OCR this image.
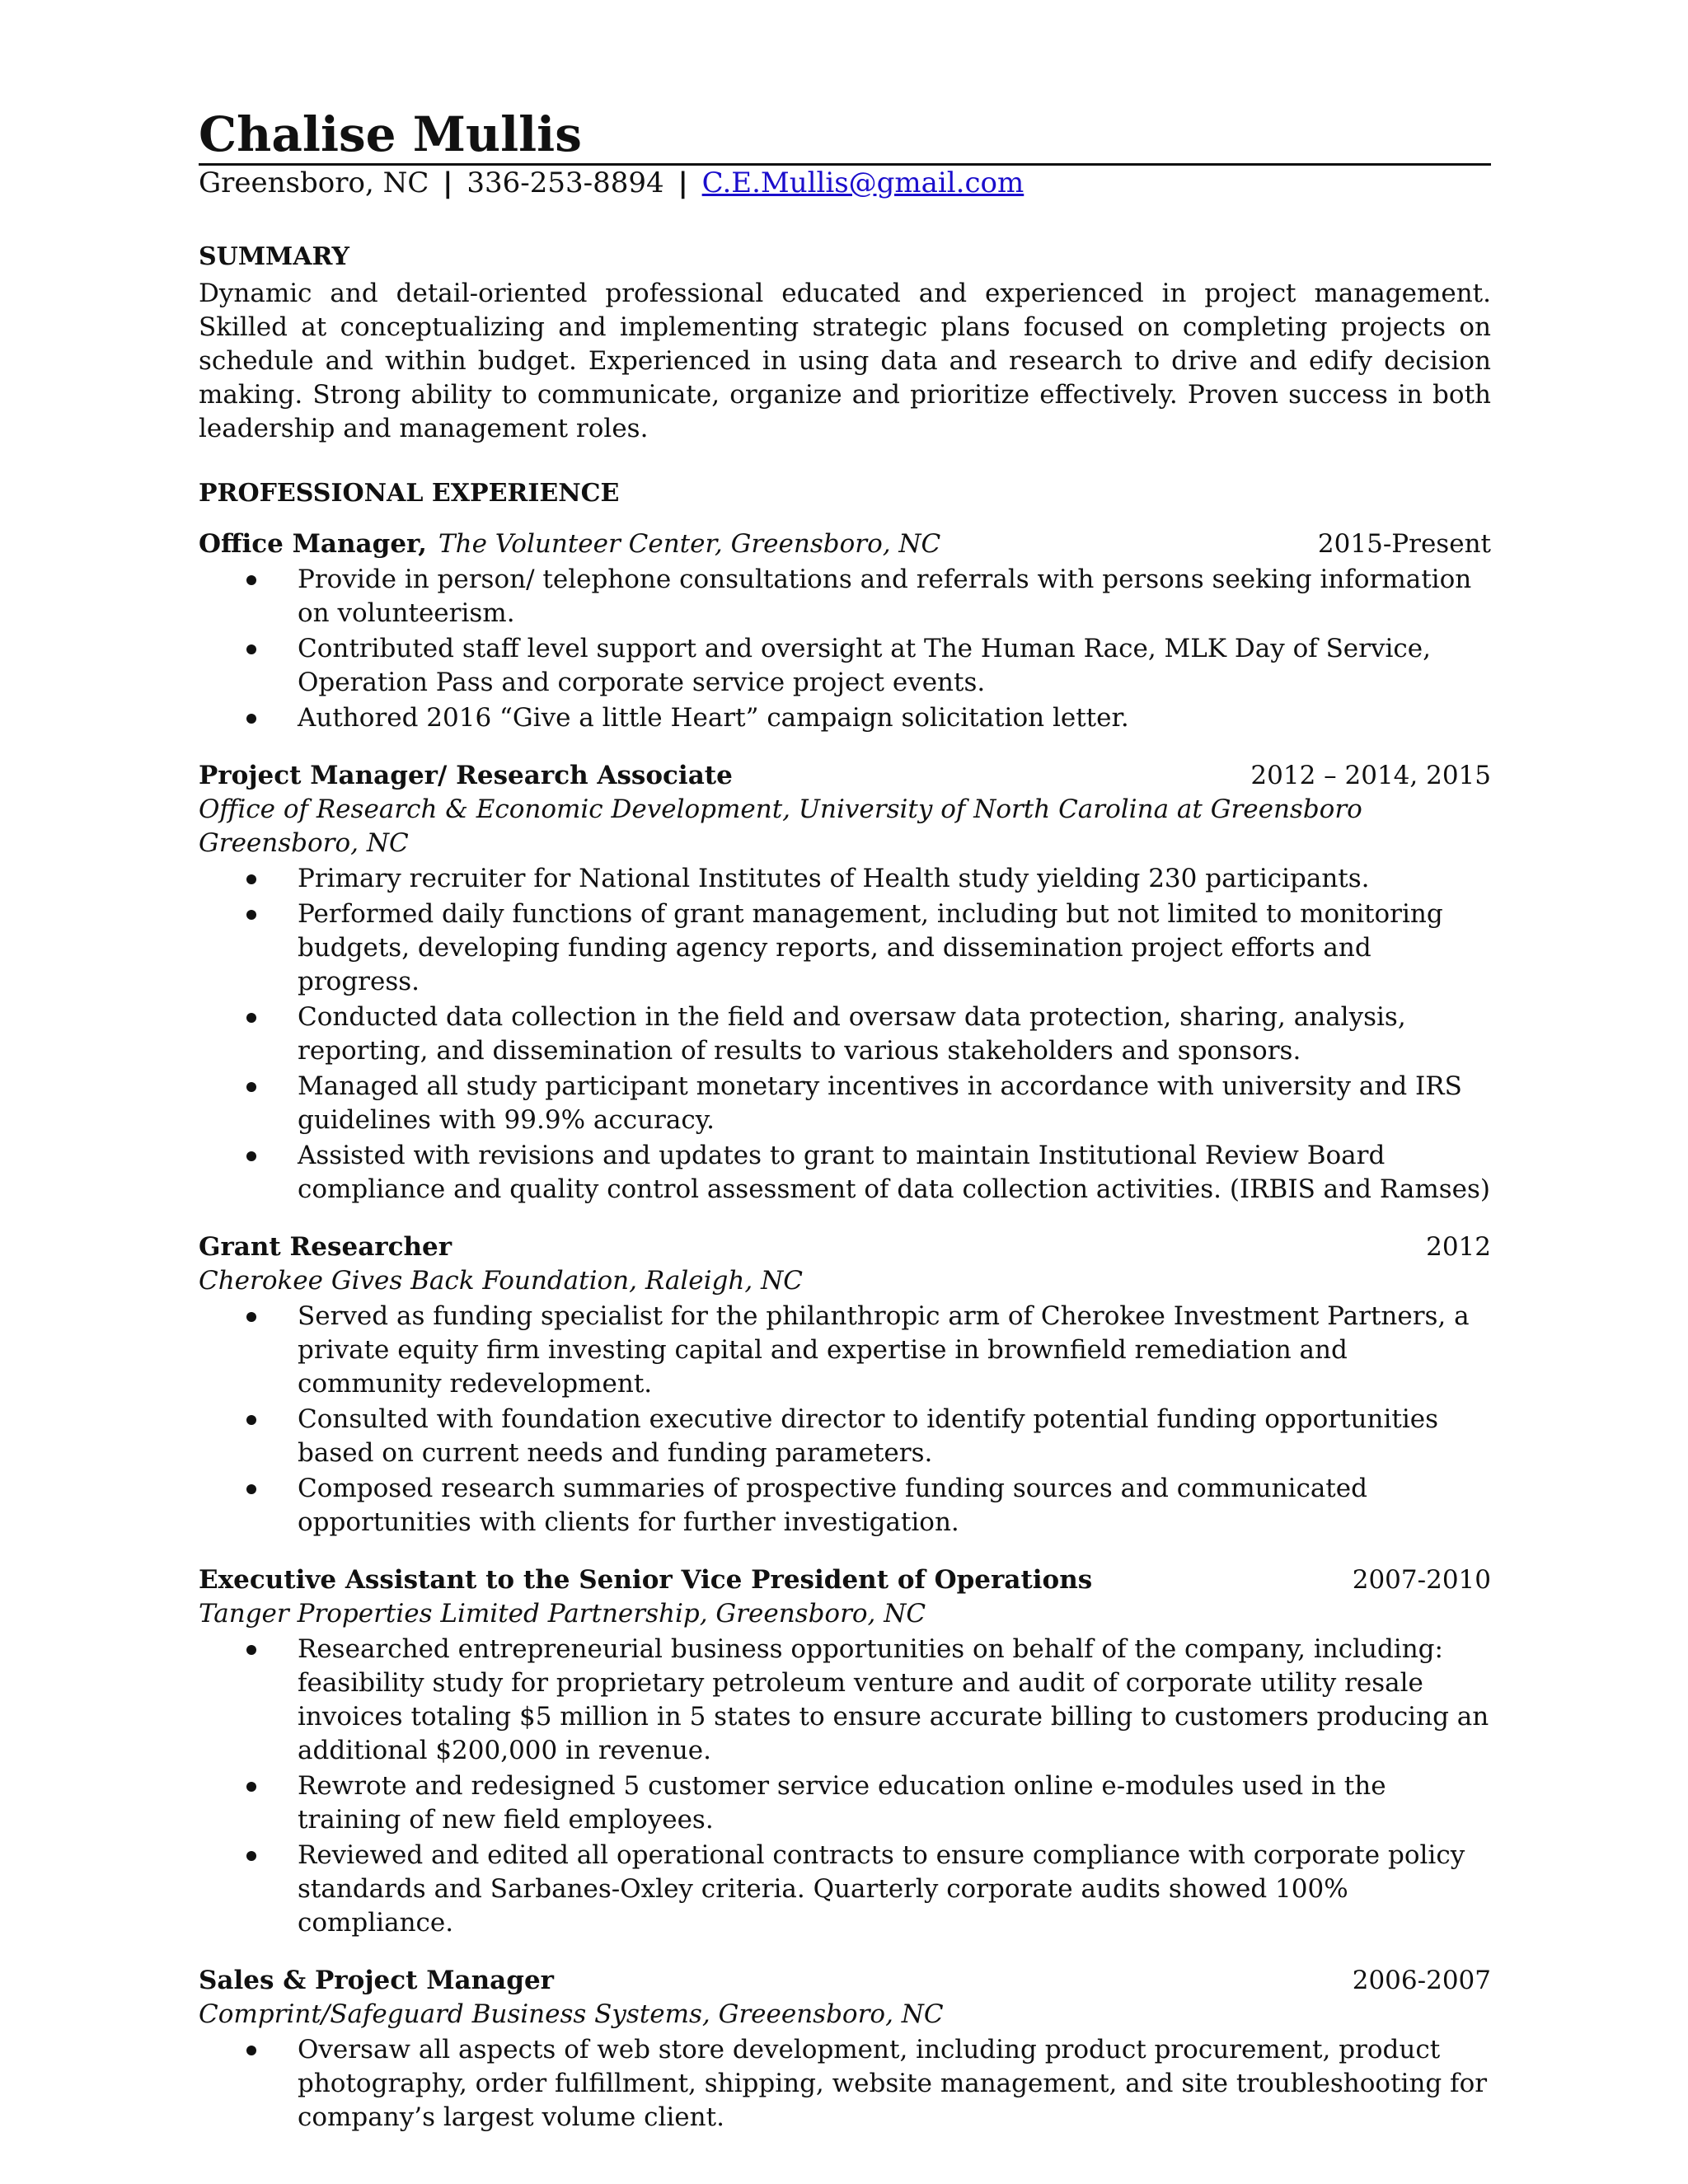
Chalise Mullis
Greensboro, NC | 336-253-8894 | C.E.Mullis@gmail.com
SUMMARY
Dynamic and detail-oriented professional educated and experienced in project management. Skilled at conceptualizing and implementing strategic plans focused on completing projects on schedule and within budget. Experienced in using data and research to drive and edify decision making. Strong ability to communicate, organize and prioritize effectively. Proven success in both leadership and management roles.
PROFESSIONAL EXPERIENCE
Office Manager, The Volunteer Center, Greensboro, NC	2015-Present
Provide in person/ telephone consultations and referrals with persons seeking information on volunteerism.
Contributed staff level support and oversight at The Human Race, MLK Day of Service, Operation Pass and corporate service project events.
Authored 2016 “Give a little Heart” campaign solicitation letter.
Project Manager/ Research Associate	2012 – 2014, 2015
Office of Research & Economic Development, University of North Carolina at Greensboro
Greensboro, NC
Primary recruiter for National Institutes of Health study yielding 230 participants.
Performed daily functions of grant management, including but not limited to monitoring budgets, developing funding agency reports, and dissemination project efforts and progress.
Conducted data collection in the field and oversaw data protection, sharing, analysis, reporting, and dissemination of results to various stakeholders and sponsors.
Managed all study participant monetary incentives in accordance with university and IRS guidelines with 99.9% accuracy.
Assisted with revisions and updates to grant to maintain Institutional Review Board compliance and quality control assessment of data collection activities. (IRBIS and Ramses)
Grant Researcher	2012
Cherokee Gives Back Foundation, Raleigh, NC
Served as funding specialist for the philanthropic arm of Cherokee Investment Partners, a private equity firm investing capital and expertise in brownfield remediation and community redevelopment.
Consulted with foundation executive director to identify potential funding opportunities based on current needs and funding parameters.
Composed research summaries of prospective funding sources and communicated opportunities with clients for further investigation.
Executive Assistant to the Senior Vice President of Operations	2007-2010
Tanger Properties Limited Partnership, Greensboro, NC
Researched entrepreneurial business opportunities on behalf of the company, including: feasibility study for proprietary petroleum venture and audit of corporate utility resale invoices totaling $5 million in 5 states to ensure accurate billing to customers producing an additional $200,000 in revenue.
Rewrote and redesigned 5 customer service education online e-modules used in the training of new field employees.
Reviewed and edited all operational contracts to ensure compliance with corporate policy standards and Sarbanes-Oxley criteria. Quarterly corporate audits showed 100% compliance.
Sales & Project Manager	2006-2007
Comprint/Safeguard Business Systems, Greeensboro, NC
Oversaw all aspects of web store development, including product procurement, product photography, order fulfillment, shipping, website management, and site troubleshooting for company’s largest volume client.
